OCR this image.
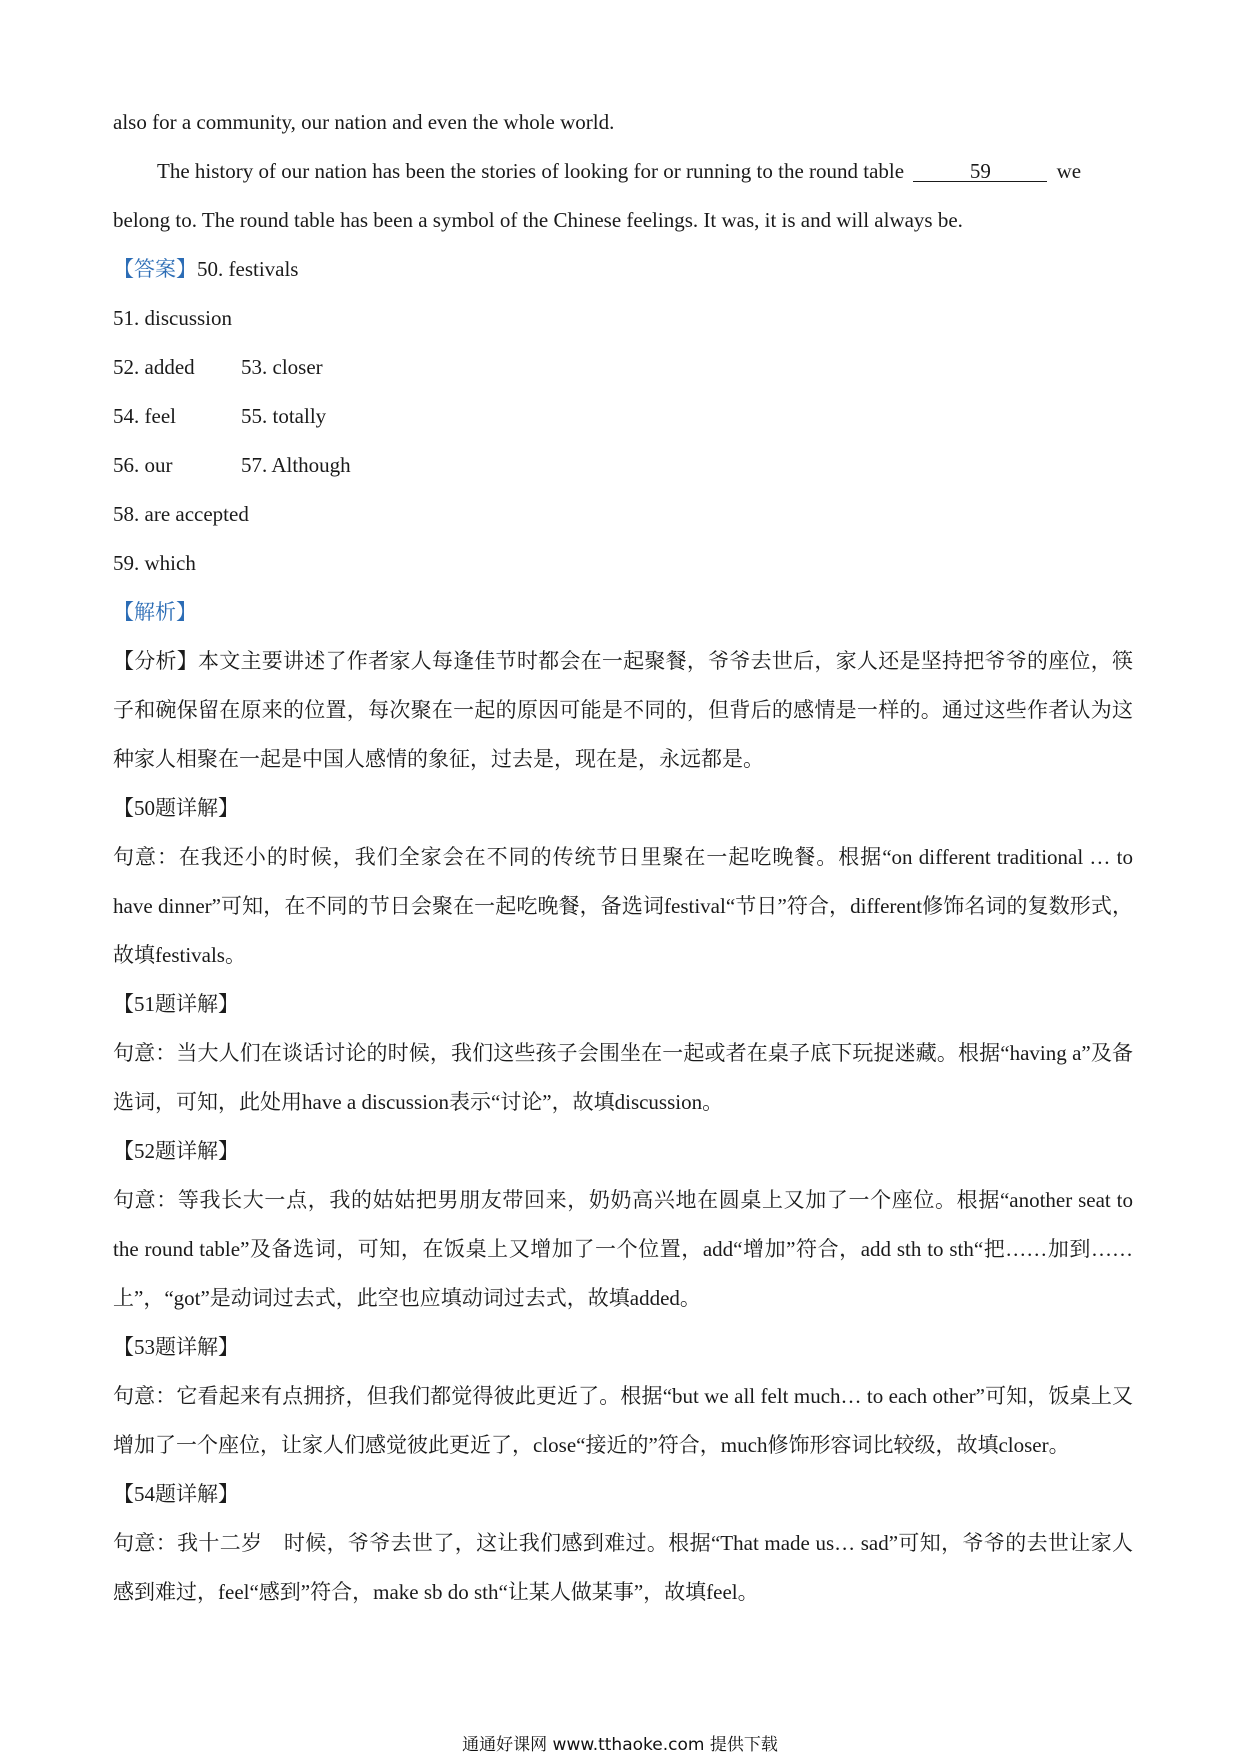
also for a community, our nation and even the whole world.
The history of our nation has been the stories of looking for or running to the round table	59	we
belong to. The round table has been a symbol of the Chinese feelings. It was, it is and will always be.
【答案】50. festivals
51. discussion
52. added 53. closer
54. feel	55. totally
56. our	57. Although
58. are accepted
59. which
【解析】
【分析】本文主要讲述了作者家人每逢佳节时都会在一起聚餐，爷爷去世后，家人还是坚持把爷爷的座位，筷子和碗保留在原来的位置，每次聚在一起的原因可能是不同的，但背后的感情是一样的。通过这些作者认为这种家人相聚在一起是中国人感情的象征，过去是，现在是，永远都是。
【50题详解】
句意：在我还小的时候，我们全家会在不同的传统节日里聚在一起吃晚餐。根据“on different traditional … to have dinner”可知，在不同的节日会聚在一起吃晚餐，备选词festival“节日”符合，different修饰名词的复数形式，故填festivals。
【51题详解】
句意：当大人们在谈话讨论的时候，我们这些孩子会围坐在一起或者在桌子底下玩捉迷藏。根据“having a”及备选词，可知，此处用have a discussion表示“讨论”，故填discussion。
【52题详解】
句意：等我长大一点，我的姑姑把男朋友带回来，奶奶高兴地在圆桌上又加了一个座位。根据“another seat to the round table”及备选词，可知，在饭桌上又增加了一个位置，add“增加”符合，add sth to sth“把……加到……上”，“got”是动词过去式，此空也应填动词过去式，故填added。
【53题详解】
句意：它看起来有点拥挤，但我们都觉得彼此更近了。根据“but we all felt much… to each other”可知，饭桌上又增加了一个座位，让家人们感觉彼此更近了，close“接近的”符合，much修饰形容词比较级，故填closer。
【54题详解】
句意：我十二岁　时候，爷爷去世了，这让我们感到难过。根据“That made us… sad”可知，爷爷的去世让家人感到难过，feel“感到”符合，make sb do sth“让某人做某事”，故填feel。
通通好课网 www.tthaoke.com 提供下载
